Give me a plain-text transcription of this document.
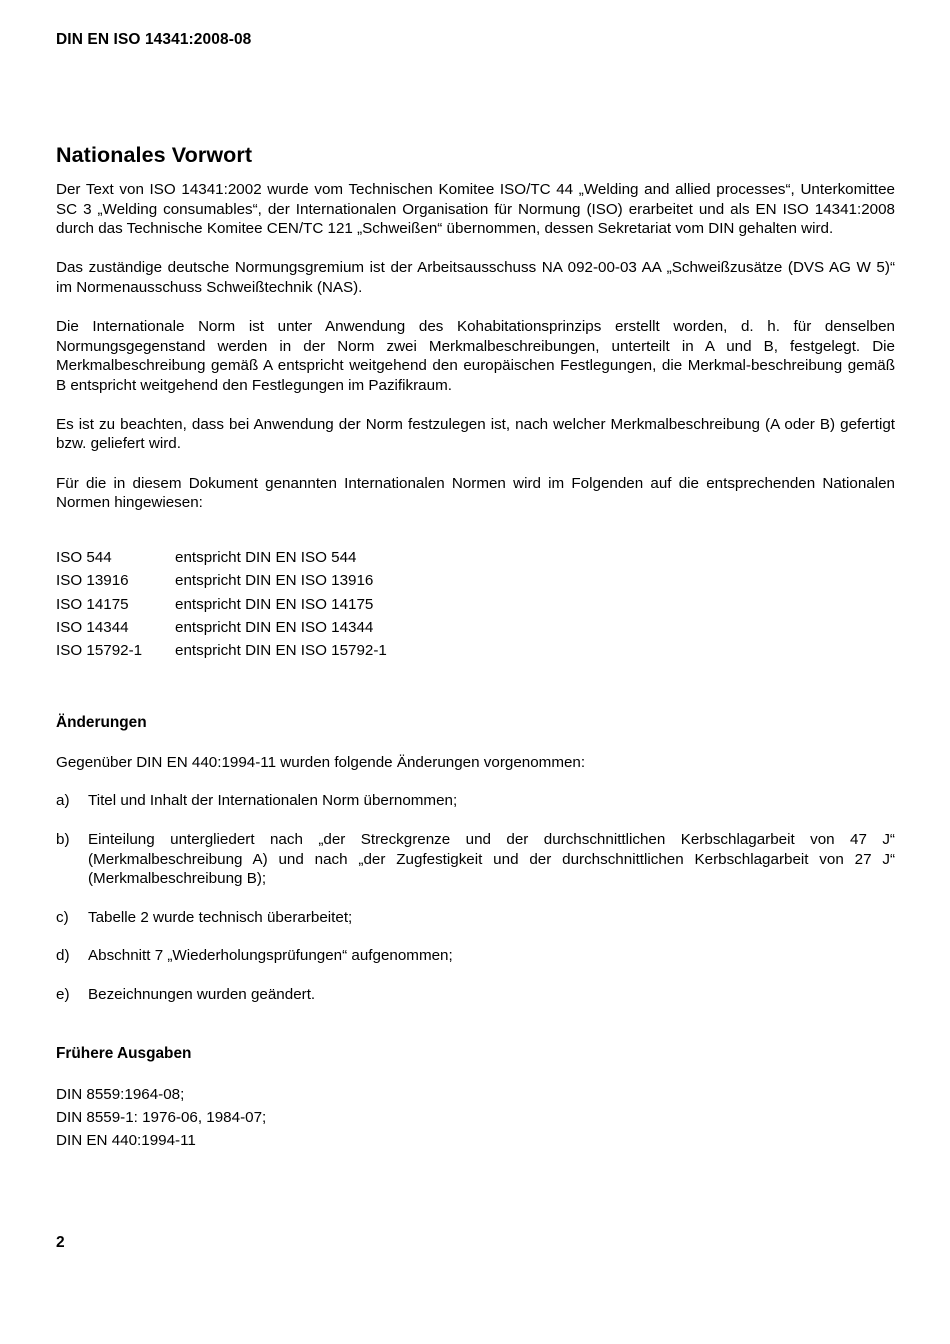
DIN EN ISO 14341:2008-08
Nationales Vorwort

Der Text von ISO 14341:2002 wurde vom Technischen Komitee ISO/TC 44 „Welding and allied processes“, Unterkomittee SC 3 „Welding consumables“, der Internationalen Organisation für Normung (ISO) erarbeitet und als EN ISO 14341:2008 durch das Technische Komitee CEN/TC 121 „Schweißen“ übernommen, dessen Sekretariat vom DIN gehalten wird.

Das zuständige deutsche Normungsgremium ist der Arbeitsausschuss NA 092-00-03 AA „Schweißzusätze (DVS AG W 5)“ im Normenausschuss Schweißtechnik (NAS).

Die Internationale Norm ist unter Anwendung des Kohabitationsprinzips erstellt worden, d. h. für denselben Normungsgegenstand werden in der Norm zwei Merkmalbeschreibungen, unterteilt in A und B, festgelegt. Die Merkmalbeschreibung gemäß A entspricht weitgehend den europäischen Festlegungen, die Merkmal-beschreibung gemäß B entspricht weitgehend den Festlegungen im Pazifikraum.

Es ist zu beachten, dass bei Anwendung der Norm festzulegen ist, nach welcher Merkmalbeschreibung (A oder B) gefertigt bzw. geliefert wird.

Für die in diesem Dokument genannten Internationalen Normen wird im Folgenden auf die entsprechenden Nationalen Normen hingewiesen:

ISO 544	entspricht DIN EN ISO 544
ISO 13916	entspricht DIN EN ISO 13916
ISO 14175	entspricht DIN EN ISO 14175
ISO 14344	entspricht DIN EN ISO 14344
ISO 15792-1	entspricht DIN EN ISO 15792-1
Änderungen

Gegenüber DIN EN 440:1994-11 wurden folgende Änderungen vorgenommen:

a)	Titel und Inhalt der Internationalen Norm übernommen;
b)	Einteilung untergliedert nach „der Streckgrenze und der durchschnittlichen Kerbschlagarbeit von 47 J“ (Merkmalbeschreibung A) und nach „der Zugfestigkeit und der durchschnittlichen Kerbschlagarbeit von 27 J“ (Merkmalbeschreibung B);
c)	Tabelle 2 wurde technisch überarbeitet;
d)	Abschnitt 7 „Wiederholungsprüfungen“ aufgenommen;
e)	Bezeichnungen wurden geändert.
Frühere Ausgaben
DIN 8559:1964-08;
DIN 8559-1: 1976-06, 1984-07;
DIN EN 440:1994-11
2
